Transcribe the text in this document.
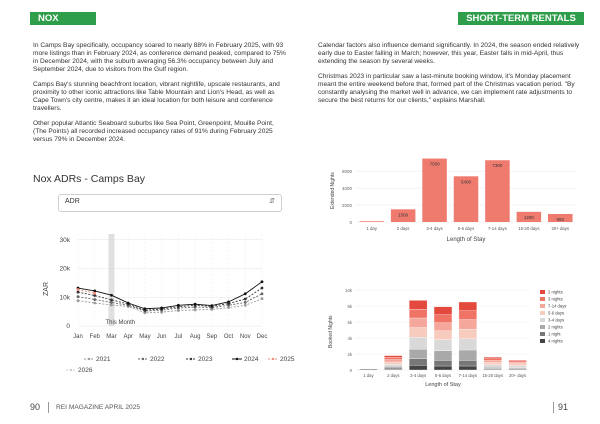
NOX	SHORT-TERM RENTALS

In Camps Bay specifically, occupancy soared to nearly 88% in February 2025, with 93 more listings than in February 2024, as conference demand peaked, compared to 75% in December 2024, with the suburb averaging 56.3% occupancy between July and September 2024, due to visitors from the Gulf region.

Camps Bay's stunning beachfront location, vibrant nightlife, upscale restaurants, and proximity to other iconic attractions like Table Mountain and Lion's Head, as well as Cape Town's city centre, makes it an ideal location for both leisure and conference travellers.

Other popular Atlantic Seaboard suburbs like Sea Point, Greenpoint, Mouille Point, (The Points) all recorded increased occupancy rates of 91% during February 2025 versus 79% in December 2024.

Calendar factors also influence demand significantly. In 2024, the season ended relatively early due to Easter falling in March; however, this year, Easter falls in mid-April, thus extending the season by several weeks.

Christmas 2023 in particular saw a last-minute booking window, it's Monday placement meant the entire weekend before that, formed part of the Christmas vacation period. "By constantly analysing the market well in advance, we can implement rate adjustments to secure the best returns for our clients," explains Marshall.

Nox ADRs - Camps Bay
ADR	⇵
0
10k
20k
30k
Jan Feb Mar Apr May Jun Jul Aug Sep Oct Nov Dec
This Month
ZAR
2021	2022	2023	2024	2025
2026
0
2000
4000
6000
1 day
1500
2 days
7500
3-4 days
5400
5-6 days
7300
7-14 days
1200
15-20 days
950
20+ days
Length of Stay
Extended Nights
0
2k
4k
6k
8k
10k
1 day	2 days	3-4 days 5-6 days 7-14 days 15-20 days 20+ days
Length of Stay
Booked Nights
2 nights
3 nights
7-14 days
5-6 days
3-4 days
2 nights
1 night
4 nights
90 REI MAGAZINE APRIL 2025	91
